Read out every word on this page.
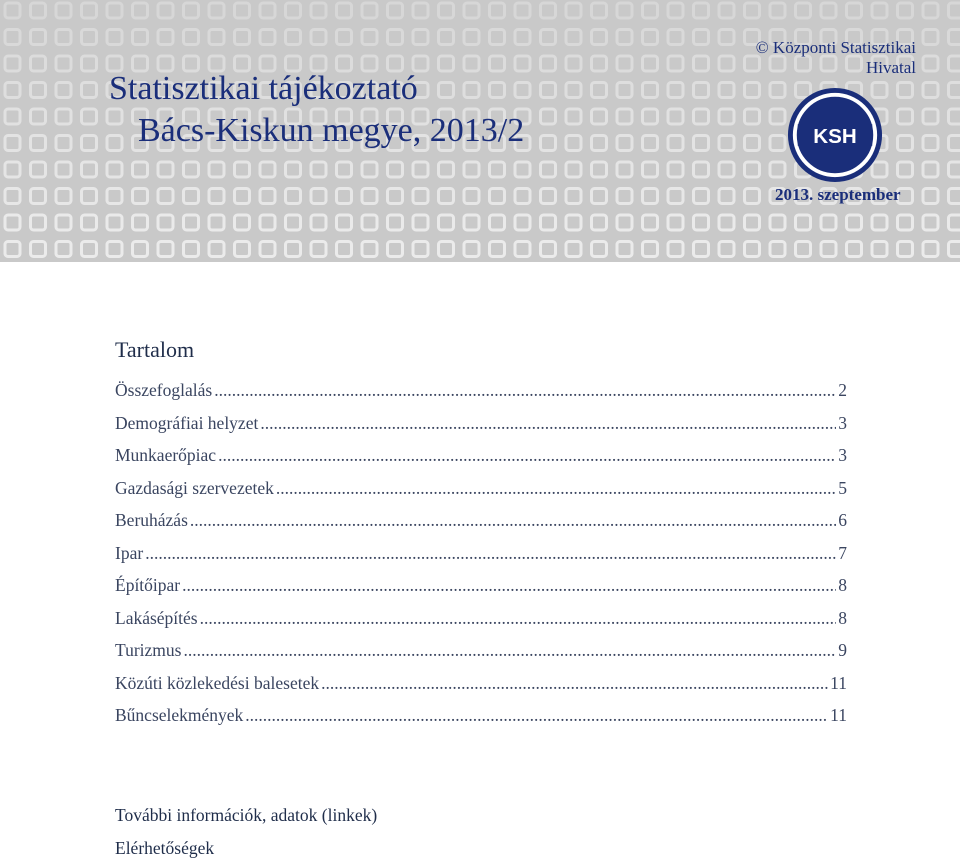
Statisztikai tájékoztató
Bács-Kiskun megye, 2013/2
© Központi Statisztikai Hivatal
KSH
2013. szeptember
Tartalom
Összefoglalás .....	2
Demográfiai helyzet .....	3
Munkaerőpiac .....	3
Gazdasági szervezetek .....	5
Beruházás .....	6
Ipar .....	7
Építőipar .....	8
Lakásépítés .....	8
Turizmus .....	9
Közúti közlekedési balesetek .....	11
Bűncselekmények .....	11
További információk, adatok (linkek)
Elérhetőségek
